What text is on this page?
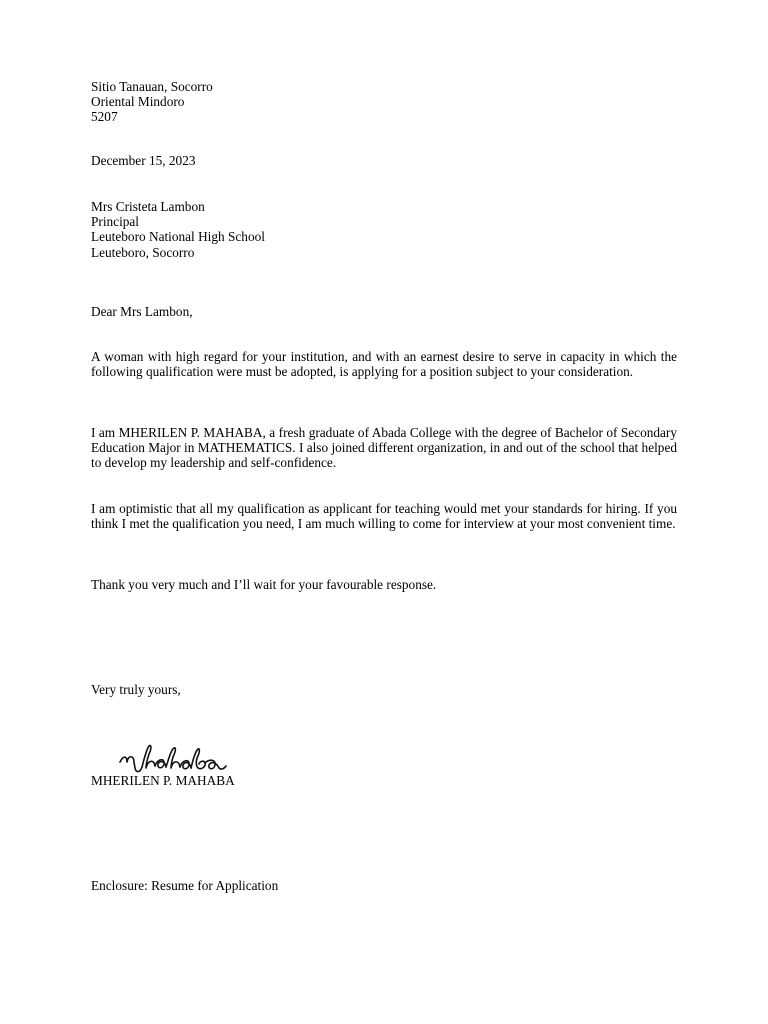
Sitio Tanauan, Socorro
Oriental Mindoro
5207
December 15, 2023
Mrs Cristeta Lambon
Principal
Leuteboro National High School
Leuteboro, Socorro
Dear Mrs Lambon,

A woman with high regard for your institution, and with an earnest desire to serve in capacity in which the following qualification were must be adopted, is applying for a position subject to your consideration.

I am MHERILEN P. MAHABA, a fresh graduate of Abada College with the degree of Bachelor of Secondary Education Major in MATHEMATICS. I also joined different organization, in and out of the school that helped to develop my leadership and self-confidence.

I am optimistic that all my qualification as applicant for teaching would met your standards for hiring. If you think I met the qualification you need, I am much willing to come for interview at your most convenient time.

Thank you very much and I’ll wait for your favourable response.

Very truly yours,
MHERILEN P. MAHABA
Enclosure: Resume for Application
